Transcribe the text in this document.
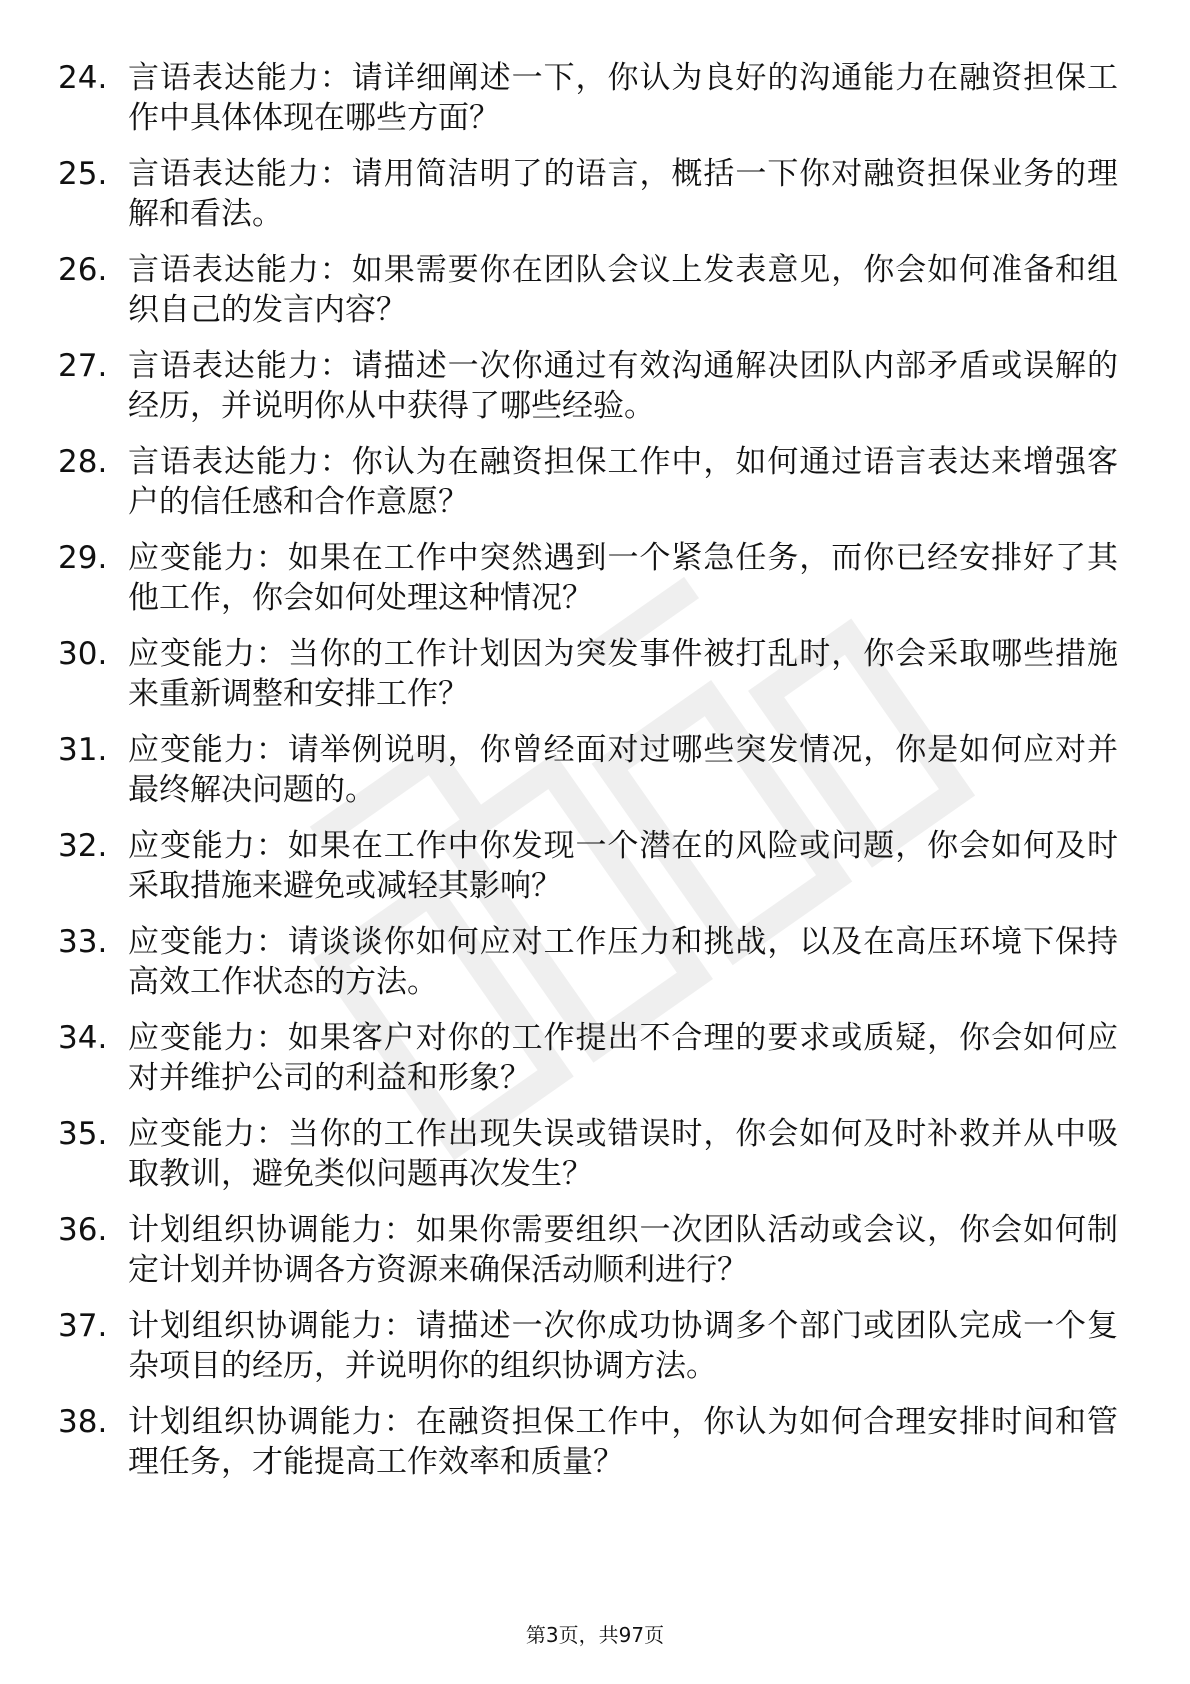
24. 言语表达能力：请详细阐述一下，你认为良好的沟通能力在融资担保工作中具体体现在哪些方面？
25. 言语表达能力：请用简洁明了的语言，概括一下你对融资担保业务的理解和看法。
26. 言语表达能力：如果需要你在团队会议上发表意见，你会如何准备和组织自己的发言内容？
27. 言语表达能力：请描述一次你通过有效沟通解决团队内部矛盾或误解的经历，并说明你从中获得了哪些经验。
28. 言语表达能力：你认为在融资担保工作中，如何通过语言表达来增强客户的信任感和合作意愿？
29. 应变能力：如果在工作中突然遇到一个紧急任务，而你已经安排好了其他工作，你会如何处理这种情况？
30. 应变能力：当你的工作计划因为突发事件被打乱时，你会采取哪些措施来重新调整和安排工作？
31. 应变能力：请举例说明，你曾经面对过哪些突发情况，你是如何应对并最终解决问题的。
32. 应变能力：如果在工作中你发现一个潜在的风险或问题，你会如何及时采取措施来避免或减轻其影响？
33. 应变能力：请谈谈你如何应对工作压力和挑战，以及在高压环境下保持高效工作状态的方法。
34. 应变能力：如果客户对你的工作提出不合理的要求或质疑，你会如何应对并维护公司的利益和形象？
35. 应变能力：当你的工作出现失误或错误时，你会如何及时补救并从中吸取教训，避免类似问题再次发生？
36. 计划组织协调能力：如果你需要组织一次团队活动或会议，你会如何制定计划并协调各方资源来确保活动顺利进行？
37. 计划组织协调能力：请描述一次你成功协调多个部门或团队完成一个复杂项目的经历，并说明你的组织协调方法。
38. 计划组织协调能力：在融资担保工作中，你认为如何合理安排时间和管理任务，才能提高工作效率和质量？
第3页，共97页
